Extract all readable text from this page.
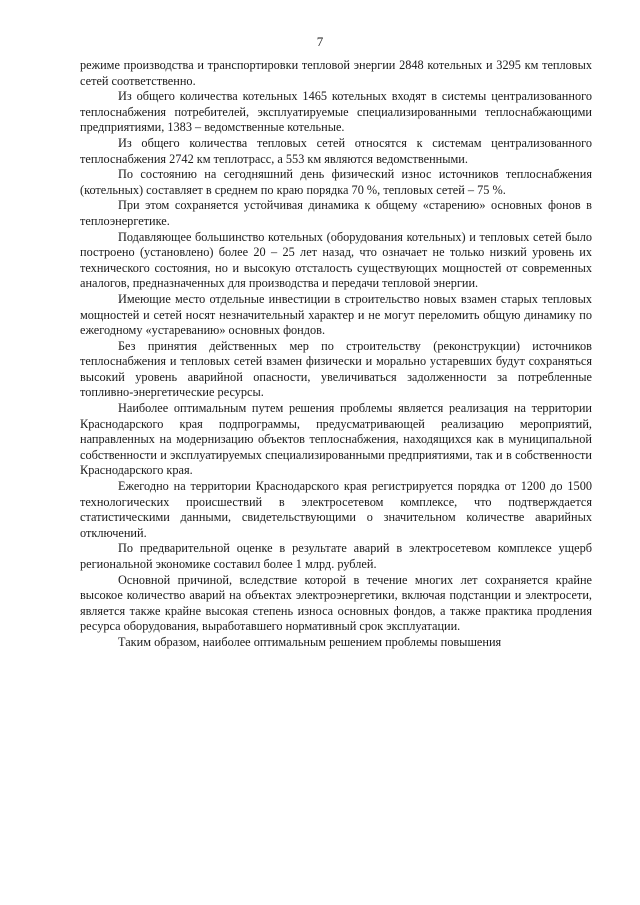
7

режиме производства и транспортировки тепловой энергии 2848 котельных и 3295 км тепловых сетей соответственно.

Из общего количества котельных 1465 котельных входят в системы централизованного теплоснабжения потребителей, эксплуатируемые специализированными теплоснабжающими предприятиями, 1383 – ведомственные котельные.

Из общего количества тепловых сетей относятся к системам централизованного теплоснабжения 2742 км теплотрасс, а 553 км являются ведомственными.

По состоянию на сегодняшний день физический износ источников теплоснабжения (котельных) составляет в среднем по краю порядка 70 %, тепловых сетей – 75 %.

При этом сохраняется устойчивая динамика к общему «старению» основных фонов в теплоэнергетике.

Подавляющее большинство котельных (оборудования котельных) и тепловых сетей было построено (установлено) более 20 – 25 лет назад, что означает не только низкий уровень их технического состояния, но и высокую отсталость существующих мощностей от современных аналогов, предназначенных для производства и передачи тепловой энергии.

Имеющие место отдельные инвестиции в строительство новых взамен старых тепловых мощностей и сетей носят незначительный характер и не могут переломить общую динамику по ежегодному «устареванию» основных фондов.

Без принятия действенных мер по строительству (реконструкции) источников теплоснабжения и тепловых сетей взамен физически и морально устаревших будут сохраняться высокий уровень аварийной опасности, увеличиваться задолженности за потребленные топливно-энергетические ресурсы.

Наиболее оптимальным путем решения проблемы является реализация на территории Краснодарского края подпрограммы, предусматривающей реализацию мероприятий, направленных на модернизацию объектов теплоснабжения, находящихся как в муниципальной собственности и эксплуатируемых специализированными предприятиями, так и в собственности Краснодарского края.

Ежегодно на территории Краснодарского края регистрируется порядка от 1200 до 1500 технологических происшествий в электросетевом комплексе, что подтверждается статистическими данными, свидетельствующими о значительном количестве аварийных отключений.

По предварительной оценке в результате аварий в электросетевом комплексе ущерб региональной экономике составил более 1 млрд. рублей.

Основной причиной, вследствие которой в течение многих лет сохраняется крайне высокое количество аварий на объектах электроэнергетики, включая подстанции и электросети, является также крайне высокая степень износа основных фондов, а также практика продления ресурса оборудования, выработавшего нормативный срок эксплуатации.

Таким образом, наиболее оптимальным решением проблемы повышения
